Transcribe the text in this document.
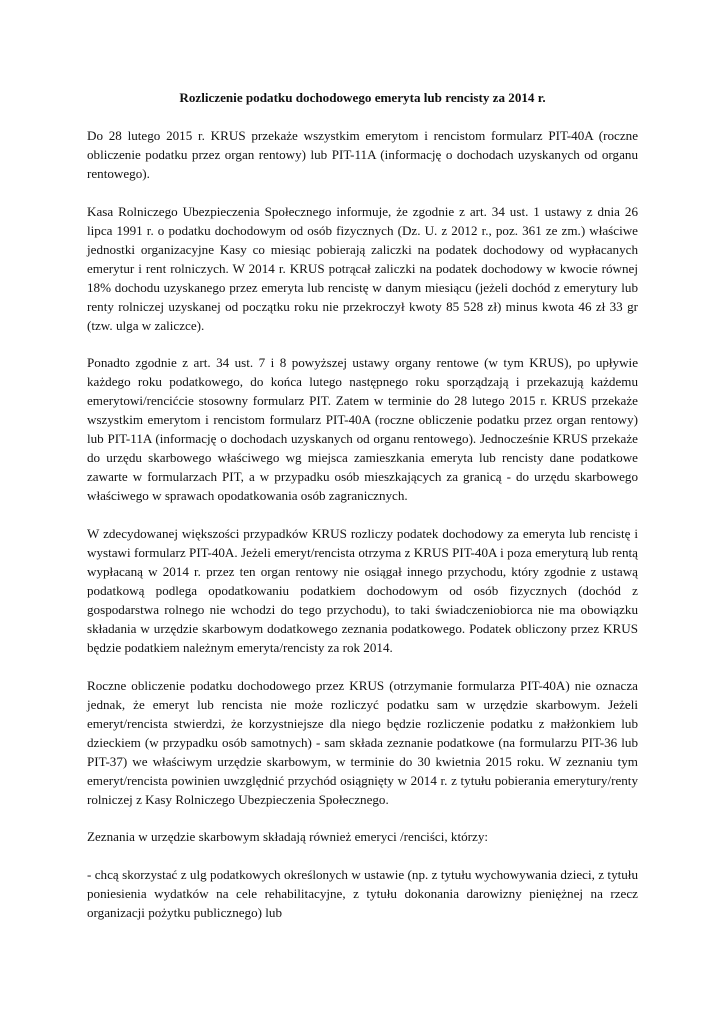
Rozliczenie podatku dochodowego emeryta lub rencisty za 2014 r.

Do 28 lutego 2015 r. KRUS przekaże wszystkim emerytom i rencistom formularz PIT-40A (roczne obliczenie podatku przez organ rentowy) lub PIT-11A (informację o dochodach uzyskanych od organu rentowego).

Kasa Rolniczego Ubezpieczenia Społecznego informuje, że zgodnie z art. 34 ust. 1 ustawy z dnia 26 lipca 1991 r. o podatku dochodowym od osób fizycznych (Dz. U. z 2012 r., poz. 361 ze zm.) właściwe jednostki organizacyjne Kasy co miesiąc pobierają zaliczki na podatek dochodowy od wypłacanych emerytur i rent rolniczych. W 2014 r. KRUS potrącał zaliczki na podatek dochodowy w kwocie równej 18% dochodu uzyskanego przez emeryta lub rencistę w danym miesiącu (jeżeli dochód z emerytury lub renty rolniczej uzyskanej od początku roku nie przekroczył kwoty 85 528 zł) minus kwota 46 zł 33 gr (tzw. ulga w zaliczce).

Ponadto zgodnie z art. 34 ust. 7 i 8 powyższej ustawy organy rentowe (w tym KRUS), po upływie każdego roku podatkowego, do końca lutego następnego roku sporządzają i przekazują każdemu emerytowi/rencićcie stosowny formularz PIT. Zatem w terminie do 28 lutego 2015 r. KRUS przekaże wszystkim emerytom i rencistom formularz PIT-40A (roczne obliczenie podatku przez organ rentowy) lub PIT-11A (informację o dochodach uzyskanych od organu rentowego). Jednocześnie KRUS przekaże do urzędu skarbowego właściwego wg miejsca zamieszkania emeryta lub rencisty dane podatkowe zawarte w formularzach PIT, a w przypadku osób mieszkających za granicą - do urzędu skarbowego właściwego w sprawach opodatkowania osób zagranicznych.

W zdecydowanej większości przypadków KRUS rozliczy podatek dochodowy za emeryta lub rencistę i wystawi formularz PIT-40A. Jeżeli emeryt/rencista otrzyma z KRUS PIT-40A i poza emeryturą lub rentą wypłacaną w 2014 r. przez ten organ rentowy nie osiągał innego przychodu, który zgodnie z ustawą podatkową podlega opodatkowaniu podatkiem dochodowym od osób fizycznych (dochód z gospodarstwa rolnego nie wchodzi do tego przychodu), to taki świadczeniobiorca nie ma obowiązku składania w urzędzie skarbowym dodatkowego zeznania podatkowego. Podatek obliczony przez KRUS będzie podatkiem należnym emeryta/rencisty za rok 2014.

Roczne obliczenie podatku dochodowego przez KRUS (otrzymanie formularza PIT-40A) nie oznacza jednak, że emeryt lub rencista nie może rozliczyć podatku sam w urzędzie skarbowym. Jeżeli emeryt/rencista stwierdzi, że korzystniejsze dla niego będzie rozliczenie podatku z małżonkiem lub dzieckiem (w przypadku osób samotnych) - sam składa zeznanie podatkowe (na formularzu PIT-36 lub PIT-37) we właściwym urzędzie skarbowym, w terminie do 30 kwietnia 2015 roku. W zeznaniu tym emeryt/rencista powinien uwzględnić przychód osiągnięty w 2014 r. z tytułu pobierania emerytury/renty rolniczej z Kasy Rolniczego Ubezpieczenia Społecznego.

Zeznania w urzędzie skarbowym składają również emeryci /renciści, którzy:

- chcą skorzystać z ulg podatkowych określonych w ustawie (np. z tytułu wychowywania dzieci, z tytułu poniesienia wydatków na cele rehabilitacyjne, z tytułu dokonania darowizny pieniężnej na rzecz organizacji pożytku publicznego) lub
